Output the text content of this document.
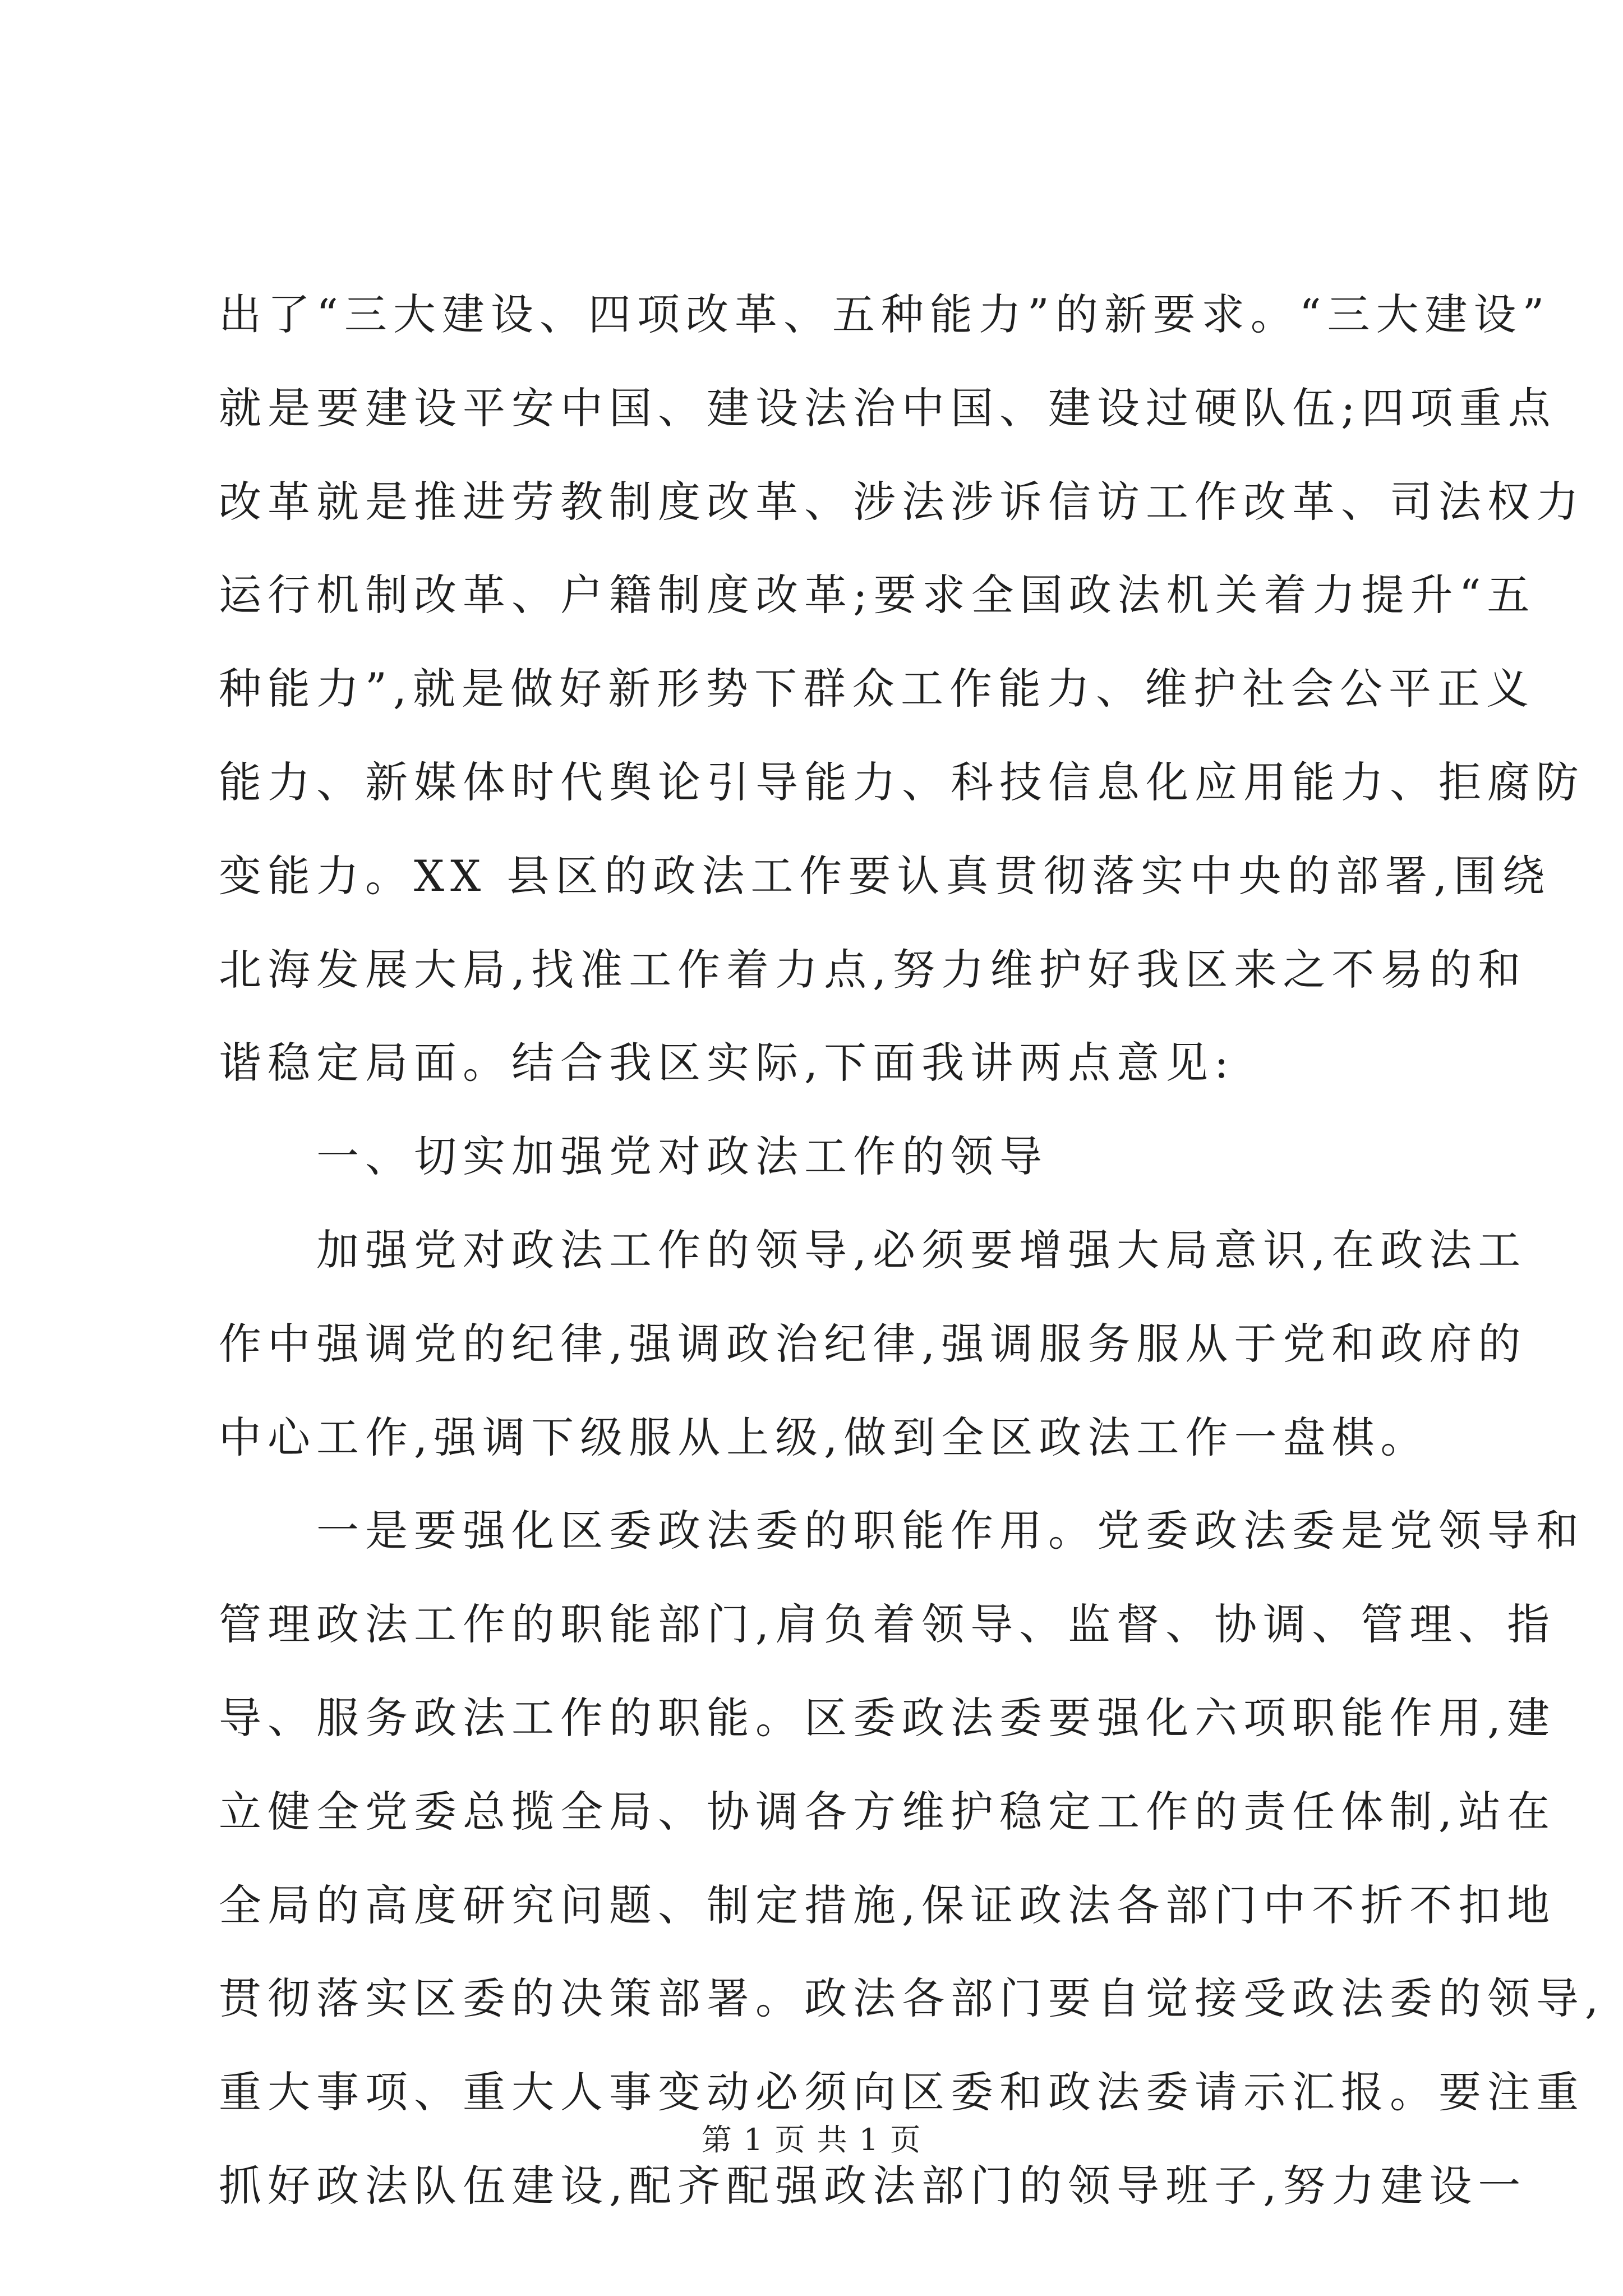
出了“三大建设、四项改革、五种能力”的新要求。“三大建设”
就是要建设平安中国、建设法治中国、建设过硬队伍;四项重点
改革就是推进劳教制度改革、涉法涉诉信访工作改革、司法权力
运行机制改革、户籍制度改革;要求全国政法机关着力提升“五
种能力”,就是做好新形势下群众工作能力、维护社会公平正义
能力、新媒体时代舆论引导能力、科技信息化应用能力、拒腐防
变能力。XX 县区的政法工作要认真贯彻落实中央的部署,围绕
北海发展大局,找准工作着力点,努力维护好我区来之不易的和
谐稳定局面。结合我区实际,下面我讲两点意见:
一、切实加强党对政法工作的领导
加强党对政法工作的领导,必须要增强大局意识,在政法工
作中强调党的纪律,强调政治纪律,强调服务服从于党和政府的
中心工作,强调下级服从上级,做到全区政法工作一盘棋。
一是要强化区委政法委的职能作用。党委政法委是党领导和
管理政法工作的职能部门,肩负着领导、监督、协调、管理、指
导、服务政法工作的职能。区委政法委要强化六项职能作用,建
立健全党委总揽全局、协调各方维护稳定工作的责任体制,站在
全局的高度研究问题、制定措施,保证政法各部门中不折不扣地
贯彻落实区委的决策部署。政法各部门要自觉接受政法委的领导,
重大事项、重大人事变动必须向区委和政法委请示汇报。要注重
抓好政法队伍建设,配齐配强政法部门的领导班子,努力建设一
第 1 页 共 1 页
